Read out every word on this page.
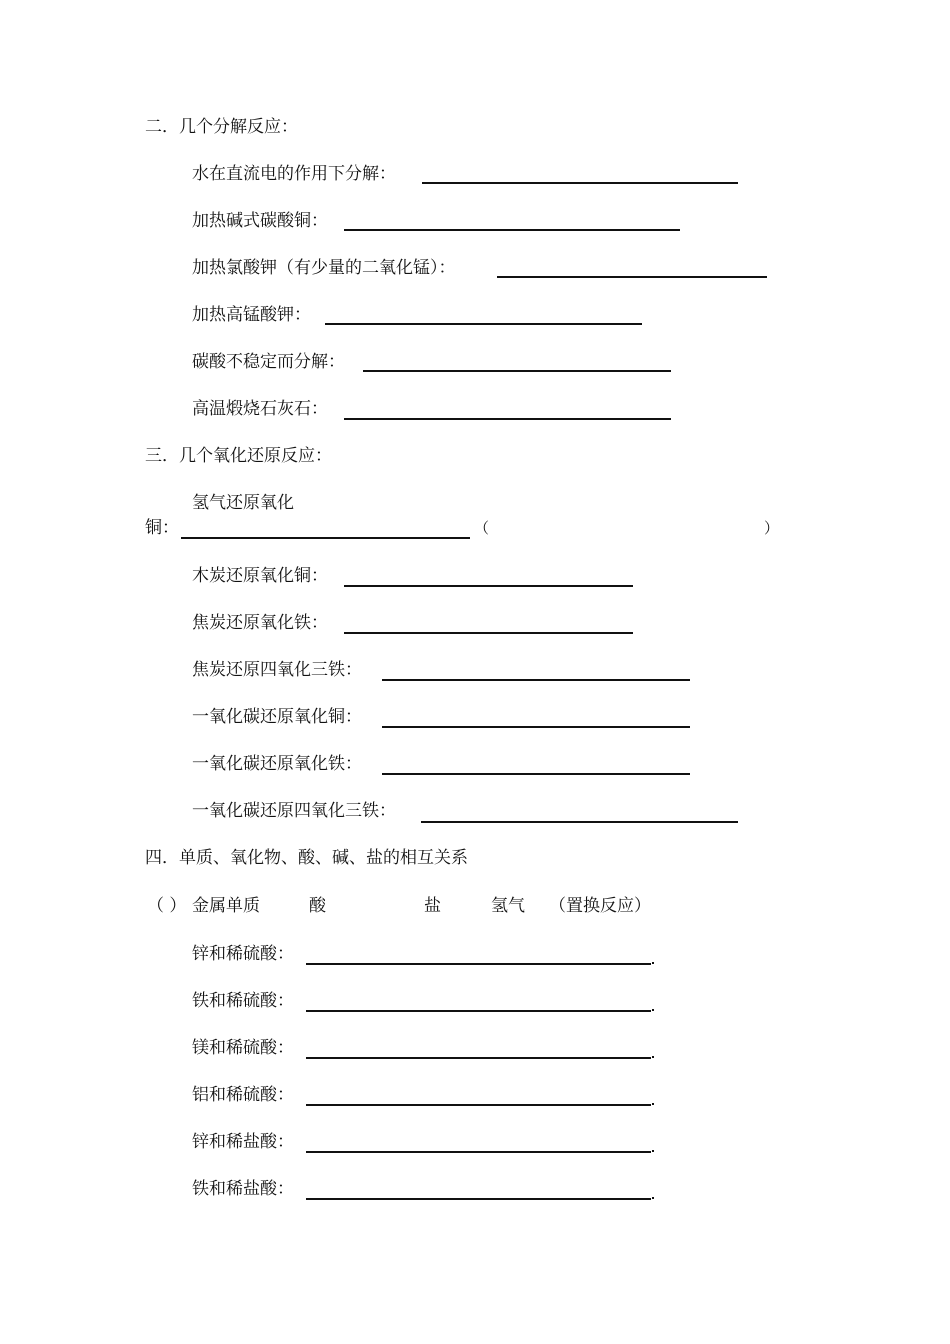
二．几个分解反应：
水在直流电的作用下分解：
加热碱式碳酸铜：
加热氯酸钾（有少量的二氧化锰）：
加热高锰酸钾：
碳酸不稳定而分解：
高温煅烧石灰石：
三．几个氧化还原反应：
氢气还原氧化
铜：	（	）
木炭还原氧化铜：
焦炭还原氧化铁：
焦炭还原四氧化三铁：
一氧化碳还原氧化铜：
一氧化碳还原氧化铁：
一氧化碳还原四氧化三铁：
四．单质、氧化物、酸、碱、盐的相互关系
（ ） 金属单质	酸	盐	氢气 （置换反应）
锌和稀硫酸：
铁和稀硫酸：
镁和稀硫酸：
铝和稀硫酸：
锌和稀盐酸：
铁和稀盐酸：
